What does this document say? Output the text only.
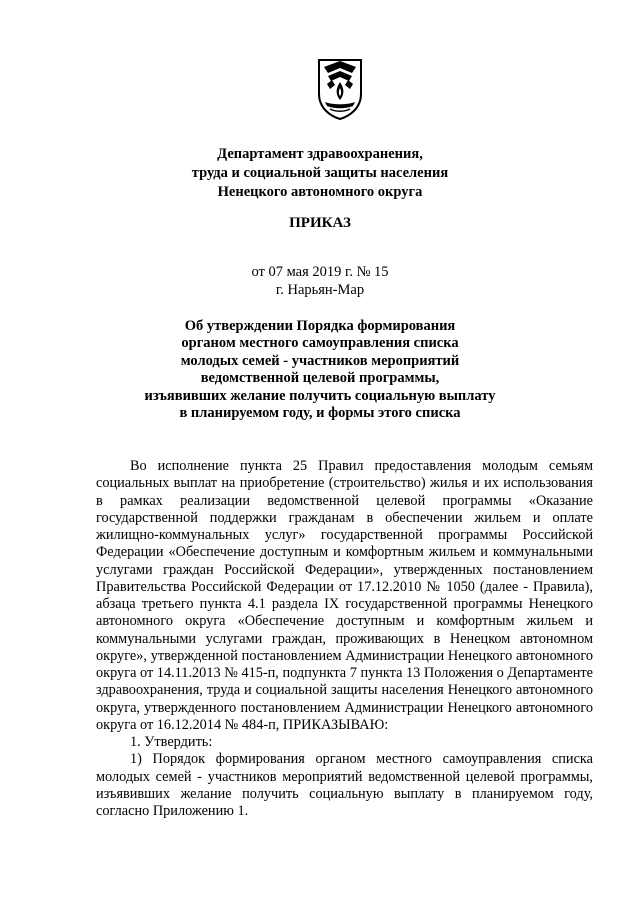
Департамент здравоохранения,
труда и социальной защиты населения
Ненецкого автономного округа
ПРИКАЗ
от 07 мая 2019 г. № 15
г. Нарьян-Мар
Об утверждении Порядка формирования
органом местного самоуправления списка
молодых семей - участников мероприятий
ведомственной целевой программы,
изъявивших желание получить социальную выплату
в планируемом году, и формы этого списка

Во исполнение пункта 25 Правил предоставления молодым семьям социальных выплат на приобретение (строительство) жилья и их использования в рамках реализации ведомственной целевой программы «Оказание государственной поддержки гражданам в обеспечении жильем и оплате жилищно-коммунальных услуг» государственной программы Российской Федерации «Обеспечение доступным и комфортным жильем и коммунальными услугами граждан Российской Федерации», утвержденных постановлением Правительства Российской Федерации от 17.12.2010 № 1050 (далее - Правила), абзаца третьего пункта 4.1 раздела IX государственной программы Ненецкого автономного округа «Обеспечение доступным и комфортным жильем и коммунальными услугами граждан, проживающих в Ненецком автономном округе», утвержденной постановлением Администрации Ненецкого автономного округа от 14.11.2013 № 415-п, подпункта 7 пункта 13 Положения о Департаменте здравоохранения, труда и социальной защиты населения Ненецкого автономного округа, утвержденного постановлением Администрации Ненецкого автономного округа от 16.12.2014 № 484-п, ПРИКАЗЫВАЮ:

1. Утвердить:

1) Порядок формирования органом местного самоуправления списка молодых семей - участников мероприятий ведомственной целевой программы, изъявивших желание получить социальную выплату в планируемом году, согласно Приложению 1.
